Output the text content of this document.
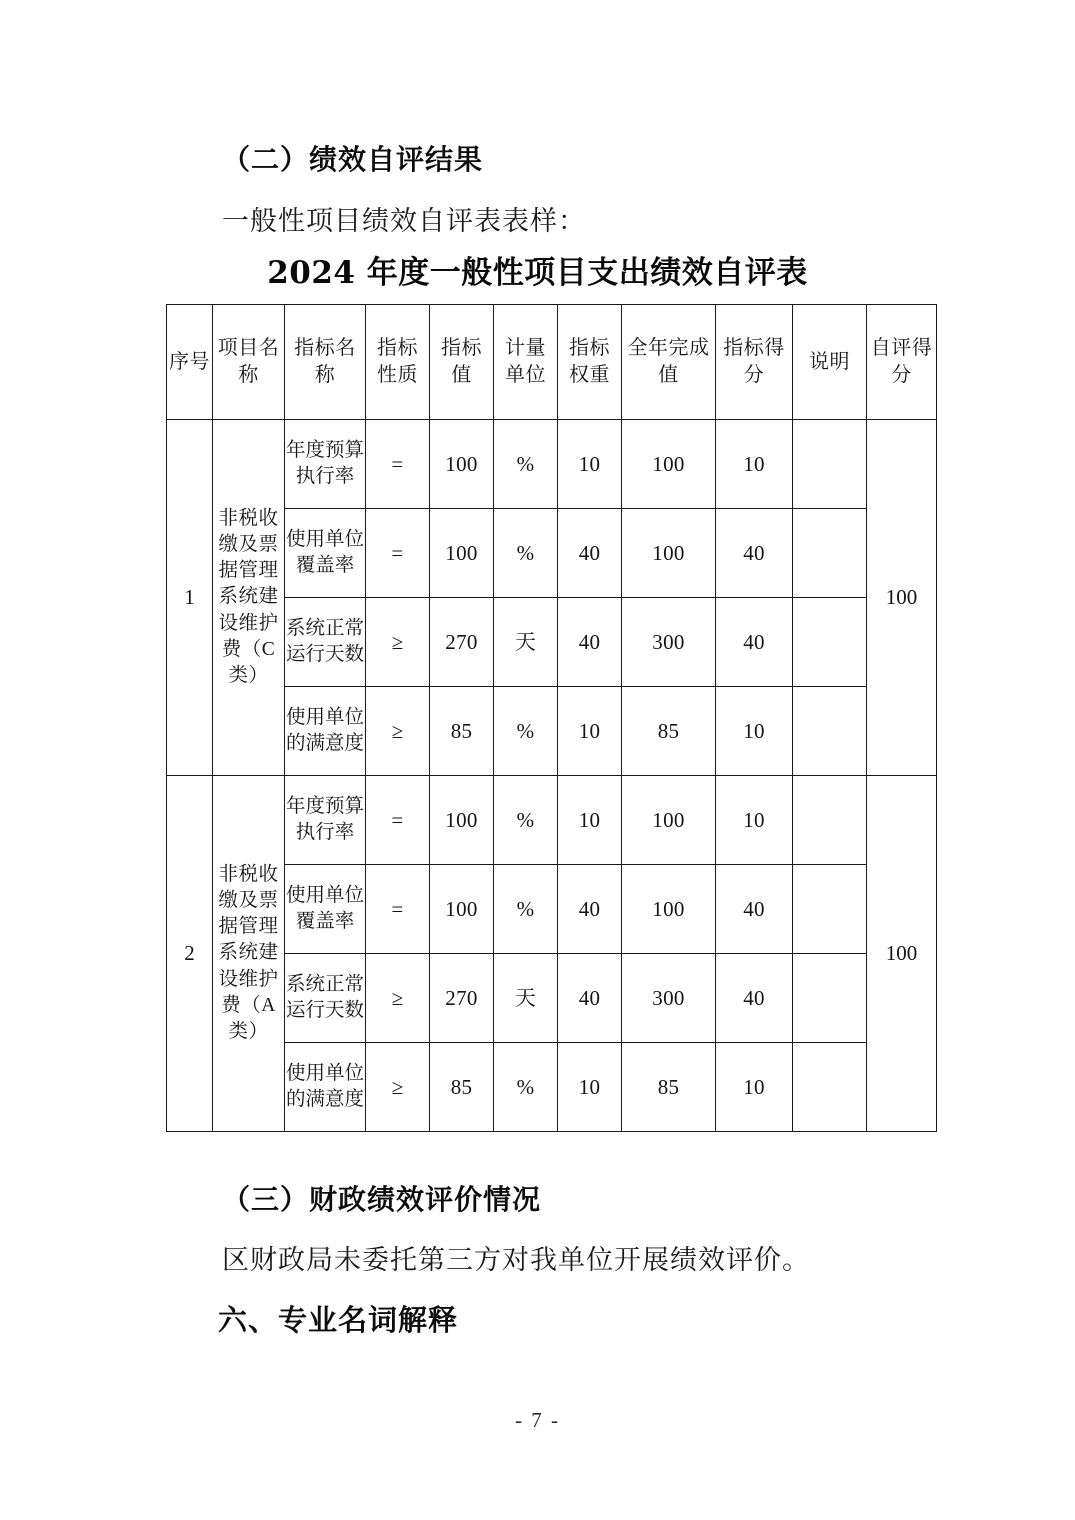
（二）绩效自评结果
一般性项目绩效自评表表样：
2024 年度一般性项目支出绩效自评表
序号	项目名称	指标名称	指标性质	指标值	计量单位	指标权重	全年完成值	指标得分	说明	自评得分
1	非税收缴及票据管理系统建设维护费（C类）	年度预算执行率	=	100	%	10	100	10		100
		使用单位覆盖率	=	100	%	40	100	40		
		系统正常运行天数	≥	270	天	40	300	40		
		使用单位的满意度	≥	85	%	10	85	10		
2	非税收缴及票据管理系统建设维护费（A类）	年度预算执行率	=	100	%	10	100	10		100
		使用单位覆盖率	=	100	%	40	100	40		
		系统正常运行天数	≥	270	天	40	300	40		
		使用单位的满意度	≥	85	%	10	85	10		
（三）财政绩效评价情况
区财政局未委托第三方对我单位开展绩效评价。
六、专业名词解释
- 7 -
